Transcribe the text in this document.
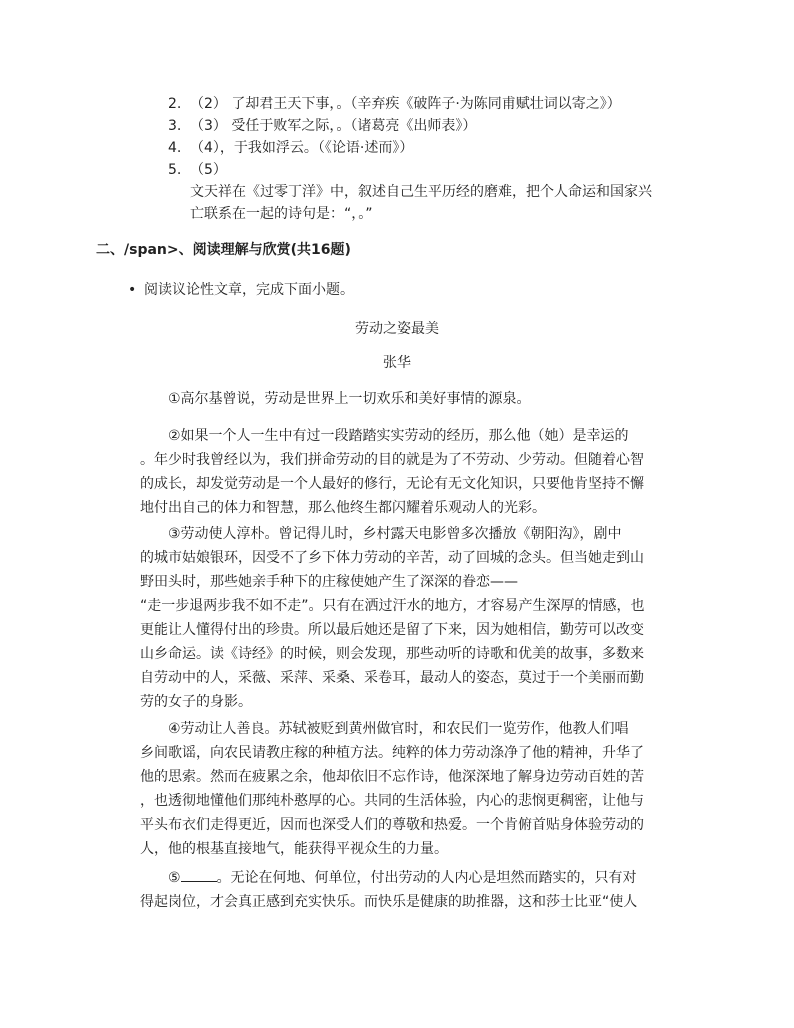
2. （2） 了却君王天下事，。（辛弃疾《破阵子·为陈同甫赋壮词以寄之》）
3. （3） 受任于败军之际，。（诸葛亮《出师表》）
4. （4），于我如浮云。（《论语·述而》）
5. （5）
文天祥在《过零丁洋》中，叙述自己生平历经的磨难，把个人命运和国家兴
亡联系在一起的诗句是：“，。”
二、/span>、阅读理解与欣赏(共16题)
• 阅读议论性文章，完成下面小题。
劳动之姿最美
张华
①高尔基曾说，劳动是世界上一切欢乐和美好事情的源泉。
②如果一个人一生中有过一段踏踏实实劳动的经历，那么他（她）是幸运的
。年少时我曾经以为，我们拼命劳动的目的就是为了不劳动、少劳动。但随着心智
的成长，却发觉劳动是一个人最好的修行，无论有无文化知识，只要他肯坚持不懈
地付出自己的体力和智慧，那么他终生都闪耀着乐观动人的光彩。
③劳动使人淳朴。曾记得儿时，乡村露天电影曾多次播放《朝阳沟》，剧中
的城市姑娘银环，因受不了乡下体力劳动的辛苦，动了回城的念头。但当她走到山
野田头时，那些她亲手种下的庄稼使她产生了深深的眷恋——
“走一步退两步我不如不走”。只有在洒过汗水的地方，才容易产生深厚的情感，也
更能让人懂得付出的珍贵。所以最后她还是留了下来，因为她相信，勤劳可以改变
山乡命运。读《诗经》的时候，则会发现，那些动听的诗歌和优美的故事，多数来
自劳动中的人，采薇、采萍、采桑、采卷耳，最动人的姿态，莫过于一个美丽而勤
劳的女子的身影。
④劳动让人善良。苏轼被贬到黄州做官时，和农民们一览劳作，他教人们唱
乡间歌谣，向农民请教庄稼的种植方法。纯粹的体力劳动涤净了他的精神，升华了
他的思索。然而在疲累之余，他却依旧不忘作诗，他深深地了解身边劳动百姓的苦
，也透彻地懂他们那纯朴憨厚的心。共同的生活体验，内心的悲悯更稠密，让他与
平头布衣们走得更近，因而也深受人们的尊敬和热爱。一个肯俯首贴身体验劳动的
人，他的根基直接地气，能获得平视众生的力量。
⑤	。无论在何地、何单位，付出劳动的人内心是坦然而踏实的，只有对
得起岗位，才会真正感到充实快乐。而快乐是健康的助推器，这和莎士比亚“使人
